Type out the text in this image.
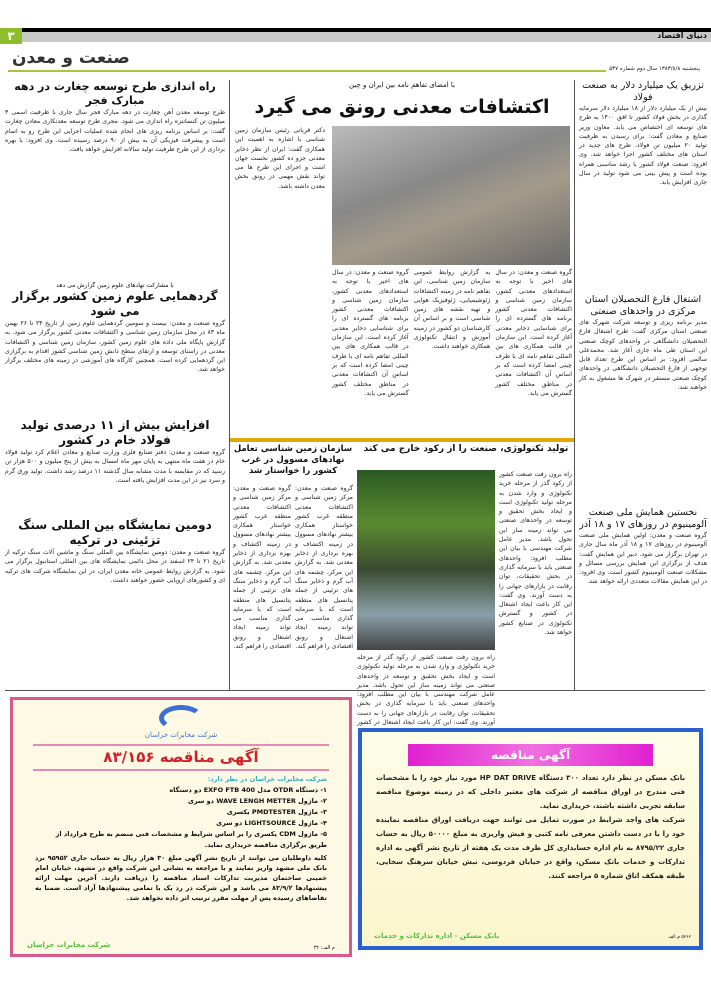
۳	دنیای اقتصاد
صنعت و معدن
پنجشنبه ۱۳۸۳/۸/۸ سال دوم شماره ۵۳۷
تزریق یک میلیارد دلار به صنعت فولاد
بیش از یک میلیارد دلار از ۱۸ میلیارد دلار سرمایه گذاری در بخش فولاد کشور تا افق ۱۴۰۰ به طرح های توسعه ای اختصاص می یابد. معاون وزیر صنایع و معادن گفت: برای رسیدن به ظرفیت تولید ۲۰ میلیون تن فولاد، طرح های جدید در استان های مختلف کشور اجرا خواهد شد. وی افزود: صنعت فولاد کشور با رشد مناسبی همراه بوده است و پیش بینی می شود تولید در سال جاری افزایش یابد.
اشتغال فارغ التحصیلان استان مرکزی در واحدهای صنعتی
مدیر برنامه ریزی و توسعه شرکت شهرک های صنعتی استان مرکزی گفت: طرح اشتغال فارغ التحصیلان دانشگاهی در واحدهای کوچک صنعتی این استان طی ماه جاری آغاز شد. محمدعلی سالمی افزود: بر اساس این طرح تعداد قابل توجهی از فارغ التحصیلان دانشگاهی در واحدهای کوچک صنعتی مستقر در شهرک ها مشغول به کار خواهند شد.
نخستین همایش ملی صنعت آلومینیوم در روزهای ۱۷ و ۱۸ آذر
گروه صنعت و معدن: اولین همایش ملی صنعت آلومینیوم در روزهای ۱۷ و ۱۸ آذر ماه سال جاری در تهران برگزار می شود. دبیر این همایش گفت: هدف از برگزاری این همایش بررسی مسائل و مشکلات صنعت آلومینیوم کشور است. وی افزود: در این همایش مقالات متعددی ارائه خواهد شد.
با امضای تفاهم نامه بین ایران و چین
اکتشافات معدنی رونق می گیرد
دکتر قربانی رئیس سازمان زمین شناسی با اشاره به اهمیت این همکاری گفت: ایران از نظر ذخایر معدنی جزو ده کشور نخست جهان است و اجرای این طرح ها می تواند نقش مهمی در رونق بخش معدن داشته باشد.
گروه صنعت و معدن: در سال های اخیر با توجه به استعدادهای معدنی کشور، سازمان زمین شناسی و اکتشافات معدنی کشور برنامه های گسترده ای را برای شناسایی ذخایر معدنی آغاز کرده است. این سازمان در قالب همکاری های بین المللی تفاهم نامه ای با طرف چینی امضا کرده است که بر اساس آن اکتشافات معدنی در مناطق مختلف کشور گسترش می یابد.
به گزارش روابط عمومی سازمان زمین شناسی، این تفاهم نامه در زمینه اکتشافات ژئوشیمیایی، ژئوفیزیک هوایی و تهیه نقشه های زمین شناسی است و بر اساس آن کارشناسان دو کشور در زمینه آموزش و انتقال تکنولوژی همکاری خواهند داشت.
گروه صنعت و معدن: در سال های اخیر با توجه به استعدادهای معدنی کشور، سازمان زمین شناسی و اکتشافات معدنی کشور برنامه های گسترده ای را برای شناسایی ذخایر معدنی آغاز کرده است. این سازمان در قالب همکاری های بین المللی تفاهم نامه ای با طرف چینی امضا کرده است که بر اساس آن اکتشافات معدنی در مناطق مختلف کشور گسترش می یابد.
تولید تکنولوژی، صنعت را از رکود خارج می کند
راه برون رفت صنعت کشور از رکود گذر از مرحله خرید تکنولوژی و وارد شدن به مرحله تولید تکنولوژی است و ایجاد بخش تحقیق و توسعه در واحدهای صنعتی می تواند زمینه ساز این تحول باشد. مدیر عامل شرکت مهندسی با بیان این مطلب افزود: واحدهای صنعتی باید با سرمایه گذاری در بخش تحقیقات، توان رقابت در بازارهای جهانی را به دست آورند. وی گفت: این کار باعث ایجاد اشتغال در کشور و گسترش تکنولوژی در صنایع کشور خواهد شد.
راه برون رفت صنعت کشور از رکود گذر از مرحله خرید تکنولوژی و وارد شدن به مرحله تولید تکنولوژی است و ایجاد بخش تحقیق و توسعه در واحدهای صنعتی می تواند زمینه ساز این تحول باشد. مدیر عامل شرکت مهندسی با بیان این مطلب افزود: واحدهای صنعتی باید با سرمایه گذاری در بخش تحقیقات، توان رقابت در بازارهای جهانی را به دست آورند. وی گفت: این کار باعث ایجاد اشتغال در کشور
سازمان زمین شناسی تعامل نهادهای مسوول در غرب کشور را خواستار شد
گروه صنعت و معدن: مرکز زمین شناسی و اکتشافات معدنی منطقه غرب کشور خواستار همکاری بیشتر نهادهای مسوول در زمینه اکتشاف و بهره برداری از ذخایر معدنی شد. به گزارش این مرکز، چشمه های آب گرم و ذخایر سنگ های تزئینی از جمله پتانسیل های منطقه است که با سرمایه گذاری مناسب می تواند زمینه ایجاد اشتغال و رونق اقتصادی را فراهم کند.
گروه صنعت و معدن: مرکز زمین شناسی و اکتشافات معدنی منطقه غرب کشور خواستار همکاری بیشتر نهادهای مسوول در زمینه اکتشاف و بهره برداری از ذخایر معدنی شد. به گزارش این مرکز، چشمه های آب گرم و ذخایر سنگ های تزئینی از جمله پتانسیل های منطقه است که با سرمایه گذاری مناسب می تواند زمینه ایجاد اشتغال و رونق اقتصادی را فراهم کند.
راه اندازی طرح توسعه چغارت در دهه مبارک فجر
طرح توسعه معدن آهن چغارت در دهه مبارک فجر سال جاری با ظرفیت اسمی ۳ میلیون تن کنسانتره راه اندازی می شود. مجری طرح توسعه معدنکاری معادن چغارت گفت: بر اساس برنامه ریزی های انجام شده عملیات اجرایی این طرح رو به اتمام است و پیشرفت فیزیکی آن به بیش از ۹۰ درصد رسیده است. وی افزود: با بهره برداری از این طرح ظرفیت تولید سالانه افزایش خواهد یافت.
با مشارکت نهادهای علوم زمین گزارش می دهد
گردهمایی علوم زمین کشور برگزار می شود
گروه صنعت و معدن: بیست و سومین گردهمایی علوم زمین از تاریخ ۲۴ تا ۲۶ بهمن ماه ۸۳ در محل سازمان زمین شناسی و اکتشافات معدنی کشور برگزار می شود. به گزارش پایگاه ملی داده های علوم زمین کشور، سازمان زمین شناسی و اکتشافات معدنی در راستای توسعه و ارتقای سطح دانش زمین شناسی کشور اقدام به برگزاری این گردهمایی کرده است. همچنین کارگاه های آموزشی در زمینه های مختلف برگزار خواهد شد.
افزایش بیش از ۱۱ درصدی تولید فولاد خام در کشور
گروه صنعت و معدن: دفتر صنایع فلزی وزارت صنایع و معادن اعلام کرد تولید فولاد خام در هفت ماه منتهی به پایان مهر ماه امسال به بیش از پنج میلیون و ۵۰۰ هزار تن رسید که در مقایسه با مدت مشابه سال گذشته ۱۱ درصد رشد داشت. تولید ورق گرم و سرد نیز در این مدت افزایش یافته است.
دومین نمایشگاه بین المللی سنگ تزئینی در ترکیه
گروه صنعت و معدن: دومین نمایشگاه بین المللی سنگ و ماشین آلات سنگ ترکیه از تاریخ ۲۱ تا ۲۴ اسفند در محل دائمی نمایشگاه های بین المللی استانبول برگزار می شود. به گزارش روابط عمومی خانه معدن ایران، در این نمایشگاه شرکت های ترکیه ای و کشورهای اروپایی حضور خواهند داشت.
شرکت مخابرات خراسان
آگهی مناقصه ۸۳/۱۵۶
شرکت مخابرات خراسان در نظر دارد:
۱- دستگاه OTDR مدل EXFO FTB 400 دو دستگاه
۲- ماژول WAVE LENGH METTER دو سری
۳- ماژول PMDTESTER یکسری
۴- ماژول LIGHTSOURCE دو سری
۵- ماژول CDM یکسری را بر اساس شرایط و مشخصات فنی منضم به طرح قرارداد از طریق برگزاری مناقصه خریداری نماید.
کلیه داوطلبان می توانند از تاریخ نشر آگهی مبلغ ۳۰ هزار ریال به حساب جاری ۹۵۹۵۲ نزد بانک ملی مشهد واریز نمایند و با مراجعه به نشانی این شرکت واقع در مشهد، خیابان امام خمینی ساختمان مدیریت تدارکات اسناد مناقصه را دریافت دارند. آخرین مهلت ارائه پیشنهادها ۸۳/۹/۲ می باشد و این شرکت در رد یک یا تمامی پیشنهادها آزاد است. ضمنا به تقاضاهای رسیده پس از مهلت مقرر ترتیب اثر داده نخواهد شد.
شرکت مخابرات خراسان	م الف: ۳۲
آگهی مناقصه
بانک مسکن در نظر دارد تعداد ۳۰۰ دستگاه HP DAT DRIVE مورد نیاز خود را با مشخصات فنی مندرج در اوراق مناقصه از شرکت های معتبر داخلی که در زمینه موضوع مناقصه سابقه تجربی داشته باشند، خریداری نماید.
شرکت های واجد شرایط در صورت تمایل می توانند جهت دریافت اوراق مناقصه نماینده خود را با در دست داشتن معرفی نامه کتبی و فیش واریزی به مبلغ ۵۰۰۰۰ ریال به حساب جاری ۸۷۹۵/۲۲ به نام اداره حسابداری کل ظرف مدت یک هفته از تاریخ نشر آگهی به اداره تدارکات و خدمات بانک مسکن، واقع در خیابان فردوسی، نبش خیابان سرهنگ سخایی، طبقه همکف اتاق شماره ۵ مراجعه کنند.
بانک مسکن - اداره تدارکات و خدمات	۵۲۶۲ م الف
